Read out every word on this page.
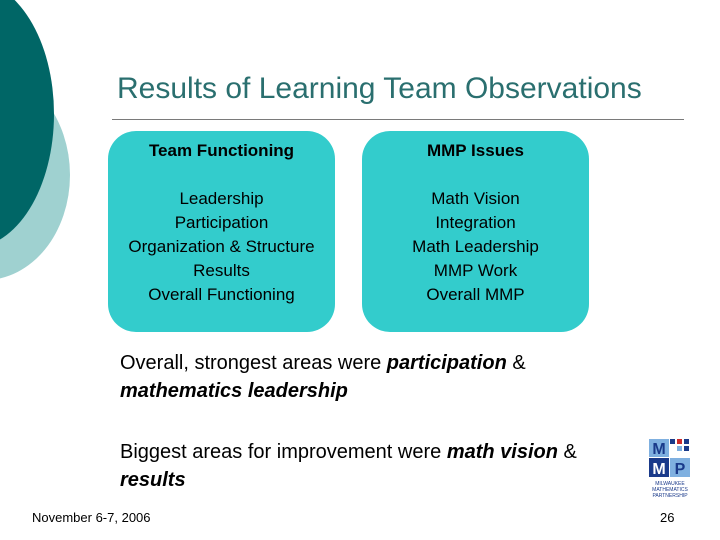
Results of Learning Team Observations
Team Functioning
Leadership
Participation
Organization & Structure
Results
Overall Functioning
MMP Issues
Math Vision
Integration
Math Leadership
MMP Work
Overall MMP
Overall, strongest areas were participation & mathematics leadership
Biggest areas for improvement were math vision & results
November 6-7, 2006	26
M
M P
MILWAUKEE
MATHEMATICS
PARTNERSHIP
